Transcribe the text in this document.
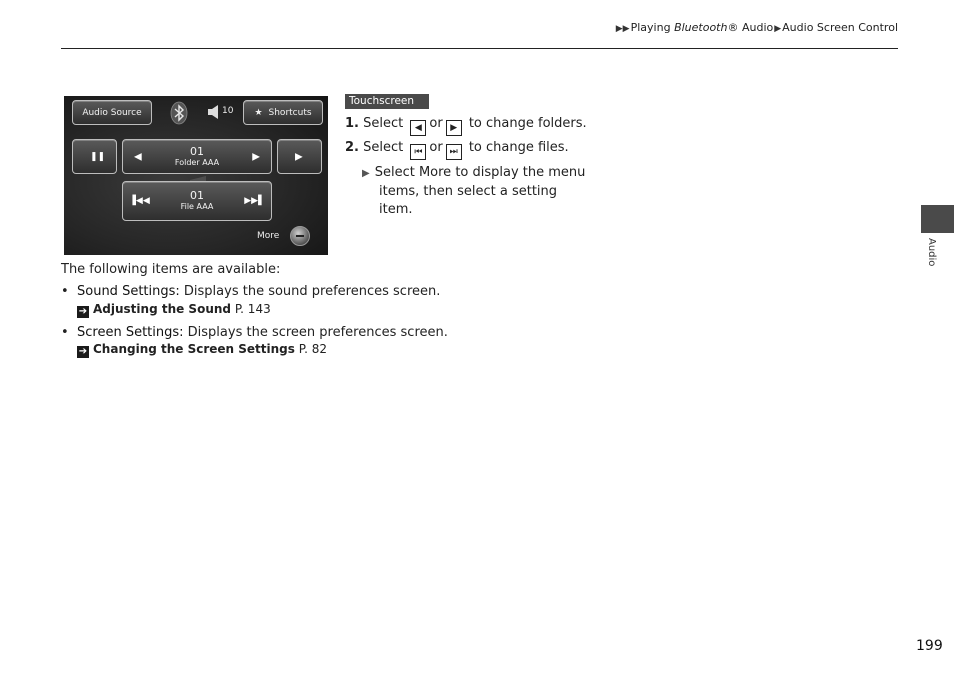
▶▶Playing Bluetooth® Audio▶Audio Screen Control
Audio Source	10 ★ Shortcuts
❚❚	◀	01
Folder AAA
▶	▶
▐◀◀	01
File AAA
▶▶▌
More
Touchscreen
1. Select ◀ or ▶ to change folders.
2. Select ⏮ or ⏭ to change files.
▶ Select More to display the menu
items, then select a setting item.
The following items are available:
• Sound Settings: Displays the sound preferences screen.
➔ Adjusting the Sound P. 143
• Screen Settings: Displays the screen preferences screen.
➔ Changing the Screen Settings P. 82
Audio
199
